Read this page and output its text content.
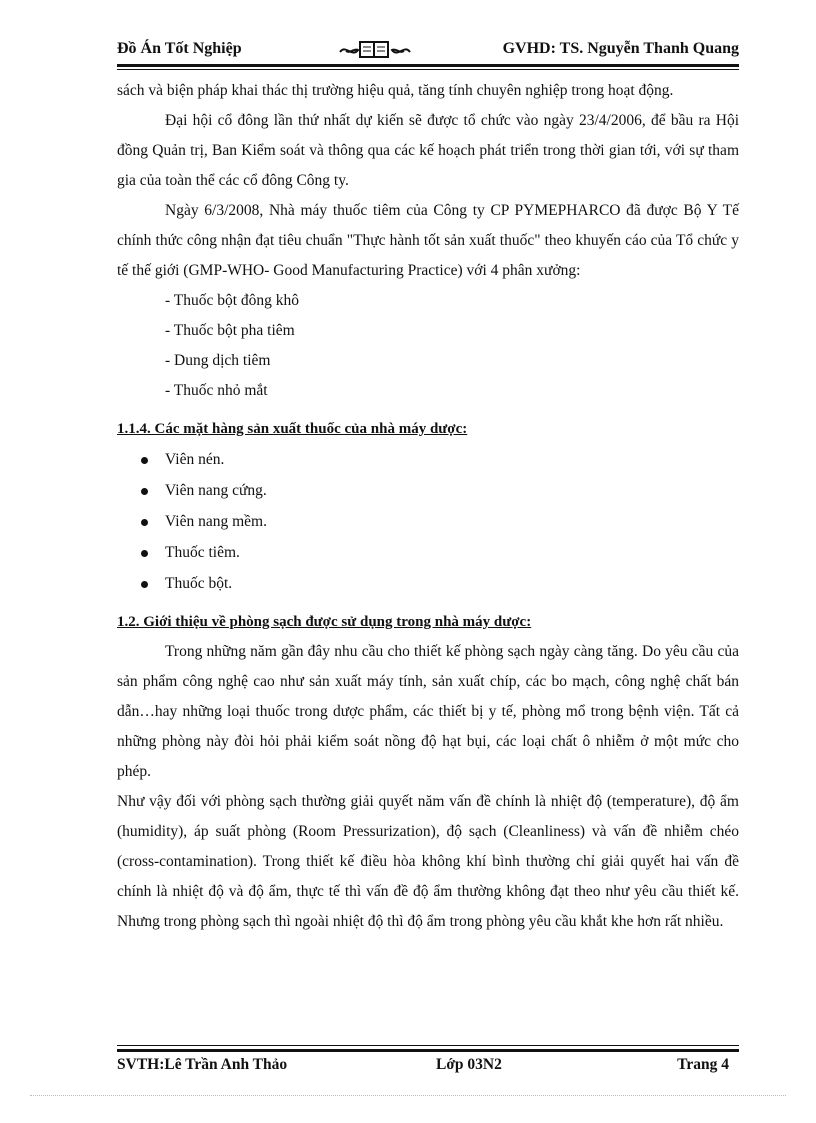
Đồ Án Tốt Nghiệp	GVHD: TS. Nguyễn Thanh Quang

sách và biện pháp khai thác thị trường hiệu quả, tăng tính chuyên nghiệp trong hoạt động.

Đại hội cổ đông lần thứ nhất dự kiến sẽ được tổ chức vào ngày 23/4/2006, để bầu ra Hội đồng Quản trị, Ban Kiểm soát và thông qua các kế hoạch phát triển trong thời gian tới, với sự tham gia của toàn thể các cổ đông Công ty.

Ngày 6/3/2008, Nhà máy thuốc tiêm của Công ty CP PYMEPHARCO đã được Bộ Y Tế chính thức công nhận đạt tiêu chuẩn "Thực hành tốt sản xuất thuốc" theo khuyến cáo của Tổ chức y tế thế giới (GMP-WHO- Good Manufacturing Practice) với 4 phân xưởng:

- Thuốc bột đông khô

- Thuốc bột pha tiêm

- Dung dịch tiêm

- Thuốc nhỏ mắt

1.1.4. Các mặt hàng sản xuất thuốc của nhà máy dược:

Viên nén.
Viên nang cứng.
Viên nang mềm.
Thuốc tiêm.
Thuốc bột.

1.2. Giới thiệu về phòng sạch được sử dụng trong nhà máy dược:

Trong những năm gần đây nhu cầu cho thiết kế phòng sạch ngày càng tăng. Do yêu cầu của sản phẩm công nghệ cao như sản xuất máy tính, sản xuất chíp, các bo mạch, công nghệ chất bán dẫn…hay những loại thuốc trong dược phẩm, các thiết bị y tế, phòng mổ trong bệnh viện. Tất cả những phòng này đòi hỏi phải kiểm soát nồng độ hạt bụi, các loại chất ô nhiễm ở một mức cho phép.

Như vậy đối với phòng sạch thường giải quyết năm vấn đề chính là nhiệt độ (temperature), độ ẩm (humidity), áp suất phòng (Room Pressurization), độ sạch (Cleanliness) và vấn đề nhiễm chéo (cross-contamination). Trong thiết kế điều hòa không khí bình thường chỉ giải quyết hai vấn đề chính là nhiệt độ và độ ẩm, thực tế thì vấn đề độ ẩm thường không đạt theo như yêu cầu thiết kế. Nhưng trong phòng sạch thì ngoài nhiệt độ thì độ ẩm trong phòng yêu cầu khắt khe hơn rất nhiều.

SVTH:Lê Trần Anh Thảo	Lớp 03N2	Trang 4
